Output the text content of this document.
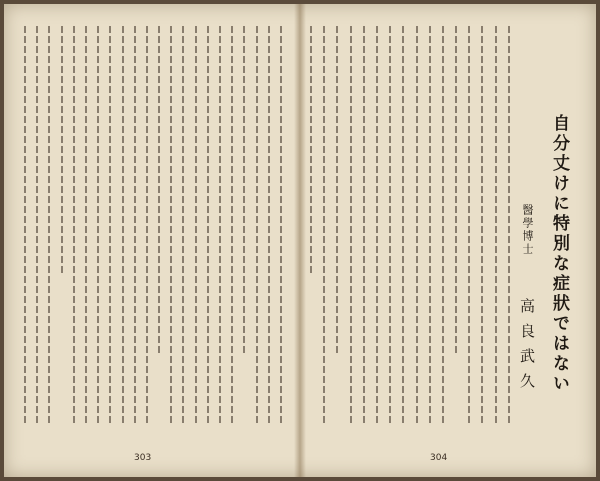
303
自分丈けに特別な症狀ではない
醫學博士 高良武久
304
